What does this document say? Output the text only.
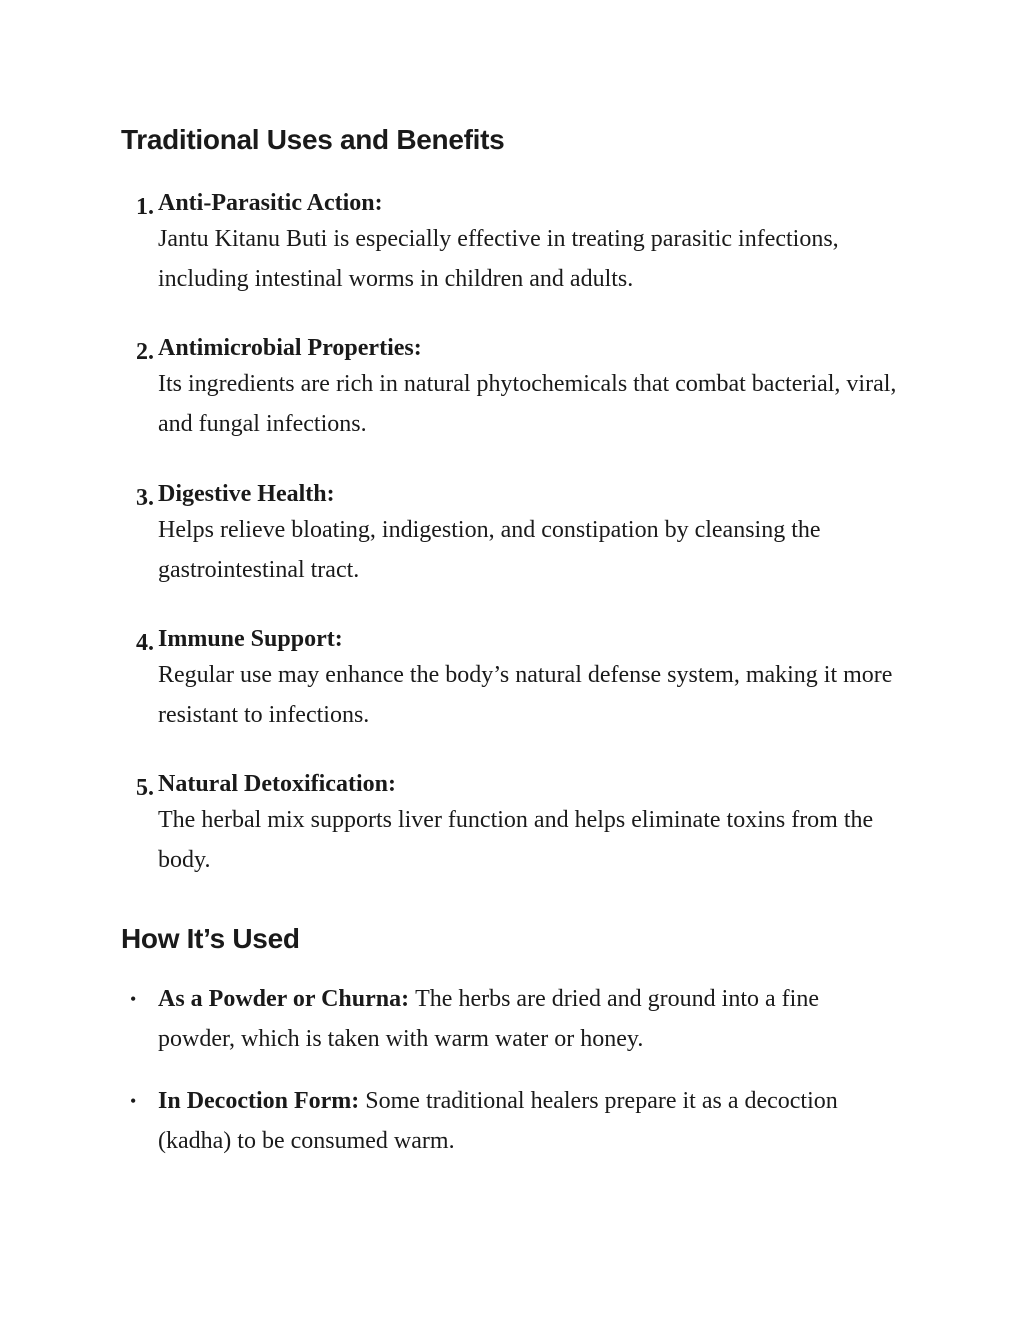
Traditional Uses and Benefits
1. Anti-Parasitic Action:
Jantu Kitanu Buti is especially effective in treating parasitic infections, including intestinal worms in children and adults.
2. Antimicrobial Properties:
Its ingredients are rich in natural phytochemicals that combat bacterial, viral, and fungal infections.
3. Digestive Health:
Helps relieve bloating, indigestion, and constipation by cleansing the gastrointestinal tract.
4. Immune Support:
Regular use may enhance the body’s natural defense system, making it more resistant to infections.
5. Natural Detoxification:
The herbal mix supports liver function and helps eliminate toxins from the body.
How It’s Used
• As a Powder or Churna: The herbs are dried and ground into a fine powder, which is taken with warm water or honey.
• In Decoction Form: Some traditional healers prepare it as a decoction (kadha) to be consumed warm.
